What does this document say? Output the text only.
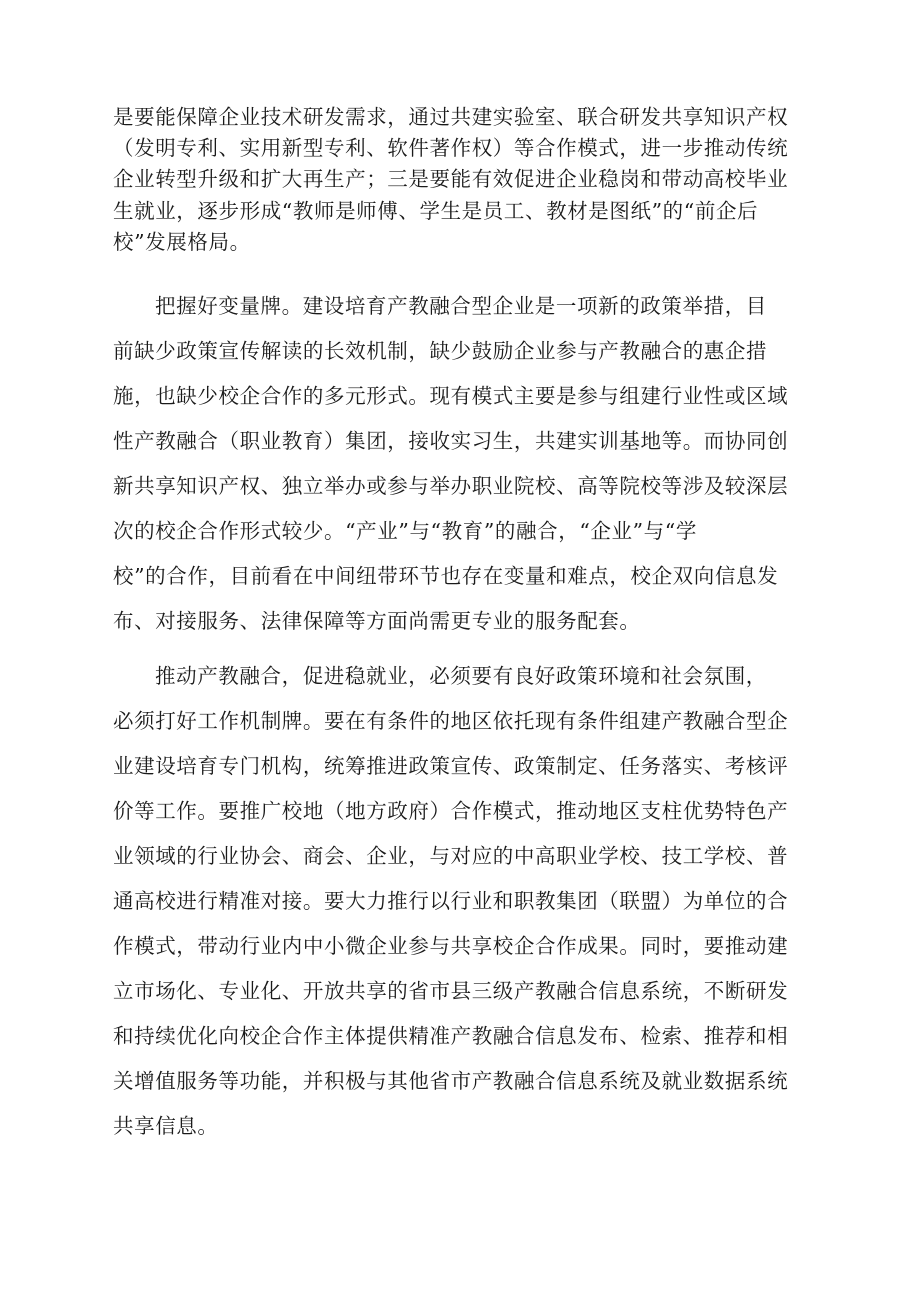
是要能保障企业技术研发需求，通过共建实验室、联合研发共享知识产权
（发明专利、实用新型专利、软件著作权）等合作模式，进一步推动传统
企业转型升级和扩大再生产；三是要能有效促进企业稳岗和带动高校毕业
生就业，逐步形成“教师是师傅、学生是员工、教材是图纸”的“前企后
校”发展格局。
把握好变量牌。建设培育产教融合型企业是一项新的政策举措，目
前缺少政策宣传解读的长效机制，缺少鼓励企业参与产教融合的惠企措
施，也缺少校企合作的多元形式。现有模式主要是参与组建行业性或区域
性产教融合（职业教育）集团，接收实习生，共建实训基地等。而协同创
新共享知识产权、独立举办或参与举办职业院校、高等院校等涉及较深层
次的校企合作形式较少。“产业”与“教育”的融合，“企业”与“学
校”的合作，目前看在中间纽带环节也存在变量和难点，校企双向信息发
布、对接服务、法律保障等方面尚需更专业的服务配套。
推动产教融合，促进稳就业，必须要有良好政策环境和社会氛围，
必须打好工作机制牌。要在有条件的地区依托现有条件组建产教融合型企
业建设培育专门机构，统筹推进政策宣传、政策制定、任务落实、考核评
价等工作。要推广校地（地方政府）合作模式，推动地区支柱优势特色产
业领域的行业协会、商会、企业，与对应的中高职业学校、技工学校、普
通高校进行精准对接。要大力推行以行业和职教集团（联盟）为单位的合
作模式，带动行业内中小微企业参与共享校企合作成果。同时，要推动建
立市场化、专业化、开放共享的省市县三级产教融合信息系统，不断研发
和持续优化向校企合作主体提供精准产教融合信息发布、检索、推荐和相
关增值服务等功能，并积极与其他省市产教融合信息系统及就业数据系统
共享信息。
